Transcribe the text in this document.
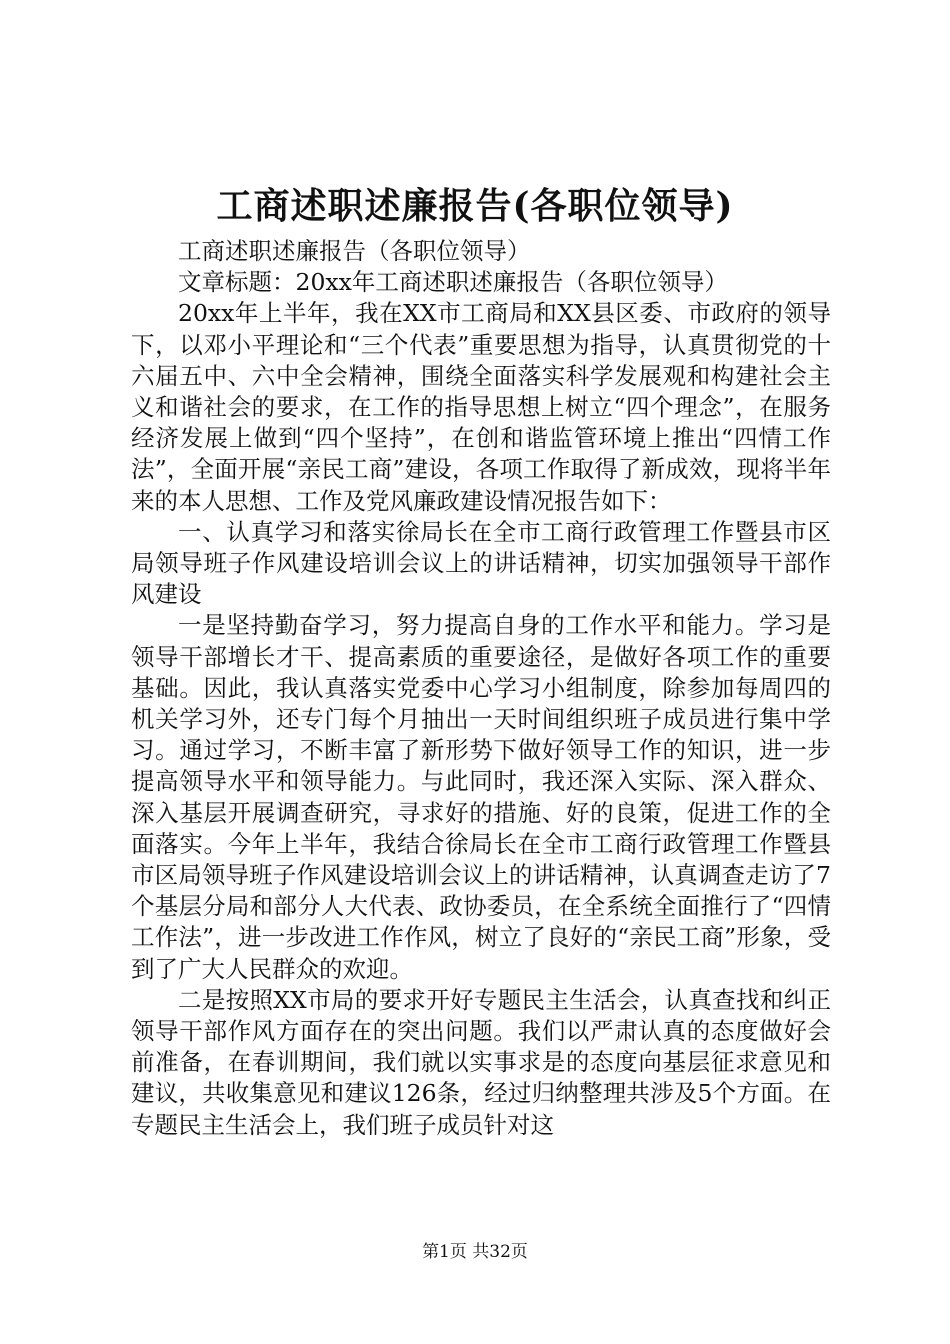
工商述职述廉报告(各职位领导)

工商述职述廉报告（各职位领导）

文章标题：20xx年工商述职述廉报告（各职位领导）

20xx年上半年，我在XX市工商局和XX县区委、市政府的领导下，以邓小平理论和“三个代表”重要思想为指导，认真贯彻党的十六届五中、六中全会精神，围绕全面落实科学发展观和构建社会主义和谐社会的要求，在工作的指导思想上树立“四个理念”，在服务经济发展上做到“四个坚持”，在创和谐监管环境上推出“四情工作法”，全面开展“亲民工商”建设，各项工作取得了新成效，现将半年来的本人思想、工作及党风廉政建设情况报告如下：

一、认真学习和落实徐局长在全市工商行政管理工作暨县市区局领导班子作风建设培训会议上的讲话精神，切实加强领导干部作风建设

一是坚持勤奋学习，努力提高自身的工作水平和能力。学习是领导干部增长才干、提高素质的重要途径，是做好各项工作的重要基础。因此，我认真落实党委中心学习小组制度，除参加每周四的机关学习外，还专门每个月抽出一天时间组织班子成员进行集中学习。通过学习，不断丰富了新形势下做好领导工作的知识，进一步提高领导水平和领导能力。与此同时，我还深入实际、深入群众、深入基层开展调查研究，寻求好的措施、好的良策，促进工作的全面落实。今年上半年，我结合徐局长在全市工商行政管理工作暨县市区局领导班子作风建设培训会议上的讲话精神，认真调查走访了7个基层分局和部分人大代表、政协委员，在全系统全面推行了“四情工作法”，进一步改进工作作风，树立了良好的“亲民工商”形象，受到了广大人民群众的欢迎。

二是按照XX市局的要求开好专题民主生活会，认真查找和纠正领导干部作风方面存在的突出问题。我们以严肃认真的态度做好会前准备，在春训期间，我们就以实事求是的态度向基层征求意见和建议，共收集意见和建议126条，经过归纳整理共涉及5个方面。在专题民主生活会上，我们班子成员针对这

第1页 共32页
